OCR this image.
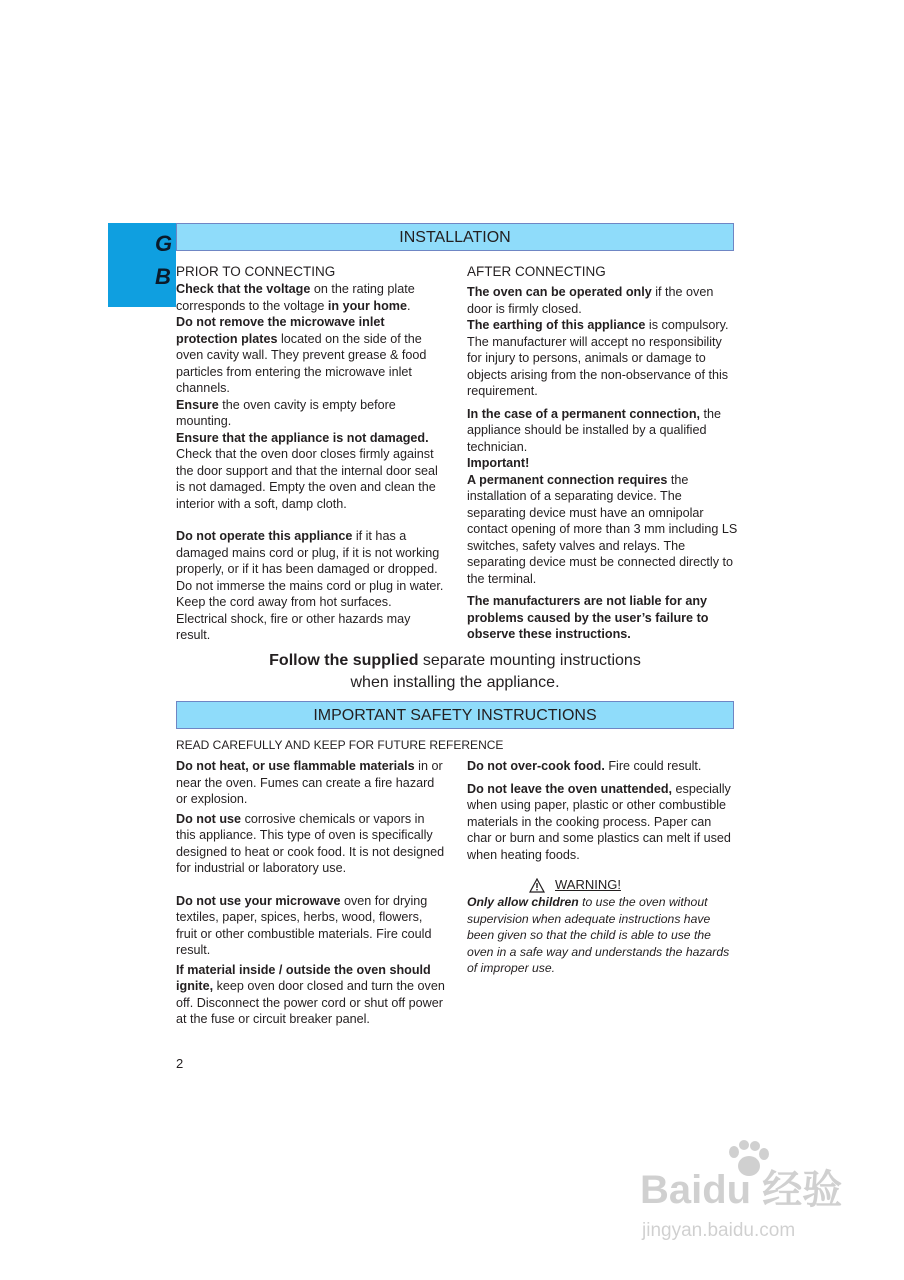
G
B
INSTALLATION

PRIOR TO CONNECTING

Check that the voltage on the rating plate corresponds to the voltage in your home.

Do not remove the microwave inlet protection plates located on the side of the oven cavity wall. They prevent grease & food particles from entering the microwave inlet channels.

Ensure the oven cavity is empty before mounting.

Ensure that the appliance is not damaged. Check that the oven door closes firmly against the door support and that the internal door seal is not damaged. Empty the oven and clean the interior with a soft, damp cloth.

Do not operate this appliance if it has a damaged mains cord or plug, if it is not working properly, or if it has been damaged or dropped. Do not immerse the mains cord or plug in water. Keep the cord away from hot surfaces. Electrical shock, fire or other hazards may result.

AFTER CONNECTING

The oven can be operated only if the oven door is firmly closed.

The earthing of this appliance is compulsory. The manufacturer will accept no responsibility for injury to persons, animals or damage to objects arising from the non-observance of this requirement.

In the case of a permanent connection, the appliance should be installed by a qualified technician.

Important!

A permanent connection requires the installation of a separating device. The separating device must have an omnipolar contact opening of more than 3 mm including LS switches, safety valves and relays. The separating device must be connected directly to the terminal.

The manufacturers are not liable for any problems caused by the user’s failure to observe these instructions.

Follow the supplied separate mounting instructions
when installing the appliance.
IMPORTANT SAFETY INSTRUCTIONS
READ CAREFULLY AND KEEP FOR FUTURE REFERENCE

Do not heat, or use flammable materials in or near the oven. Fumes can create a fire hazard or explosion.

Do not use corrosive chemicals or vapors in this appliance. This type of oven is specifically designed to heat or cook food. It is not designed for industrial or laboratory use.

Do not use your microwave oven for drying textiles, paper, spices, herbs, wood, flowers, fruit or other combustible materials. Fire could result.

If material inside / outside the oven should ignite, keep oven door closed and turn the oven off. Disconnect the power cord or shut off power at the fuse or circuit breaker panel.

Do not over-cook food. Fire could result.

Do not leave the oven unattended, especially when using paper, plastic or other combustible materials in the cooking process. Paper can char or burn and some plastics can melt if used when heating foods.

WARNING!

Only allow children to use the oven without supervision when adequate instructions have been given so that the child is able to use the oven in a safe way and understands the hazards of improper use.

2
Baidu 经验
jingyan.baidu.com
